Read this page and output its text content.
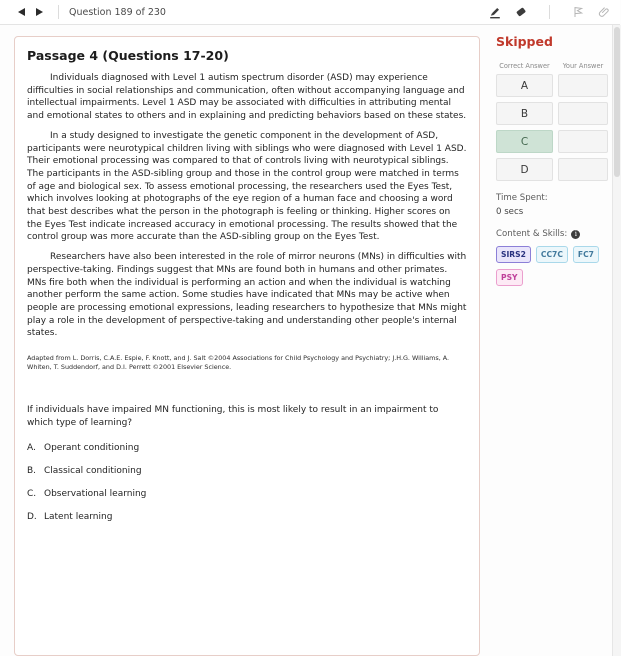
Question 189 of 230
Passage 4 (Questions 17-20)

Individuals diagnosed with Level 1 autism spectrum disorder (ASD) may experience difficulties in social relationships and communication, often without accompanying language and intellectual impairments. Level 1 ASD may be associated with difficulties in attributing mental and emotional states to others and in explaining and predicting behaviors based on these states.

In a study designed to investigate the genetic component in the development of ASD, participants were neurotypical children living with siblings who were diagnosed with Level 1 ASD. Their emotional processing was compared to that of controls living with neurotypical siblings. The participants in the ASD-sibling group and those in the control group were matched in terms of age and biological sex. To assess emotional processing, the researchers used the Eyes Test, which involves looking at photographs of the eye region of a human face and choosing a word that best describes what the person in the photograph is feeling or thinking. Higher scores on the Eyes Test indicate increased accuracy in emotional processing. The results showed that the control group was more accurate than the ASD-sibling group on the Eyes Test.

Researchers have also been interested in the role of mirror neurons (MNs) in difficulties with perspective-taking. Findings suggest that MNs are found both in humans and other primates. MNs fire both when the individual is performing an action and when the individual is watching another perform the same action. Some studies have indicated that MNs may be active when people are processing emotional expressions, leading researchers to hypothesize that MNs might play a role in the development of perspective-taking and understanding other people's internal states.

Adapted from L. Dorris, C.A.E. Espie, F. Knott, and J. Salt ©2004 Associations for Child Psychology and Psychiatry; J.H.G. Williams, A. Whiten, T. Suddendorf, and D.I. Perrett ©2001 Elsevier Science.

If individuals have impaired MN functioning, this is most likely to result in an impairment to which type of learning?

A. Operant conditioning
B. Classical conditioning
C. Observational learning
D. Latent learning
Skipped
Correct Answer	Your Answer
A
B
C
D
Time Spent:
0 secs
Content & Skills:	i
SIRS2	CC7C	FC7
PSY
